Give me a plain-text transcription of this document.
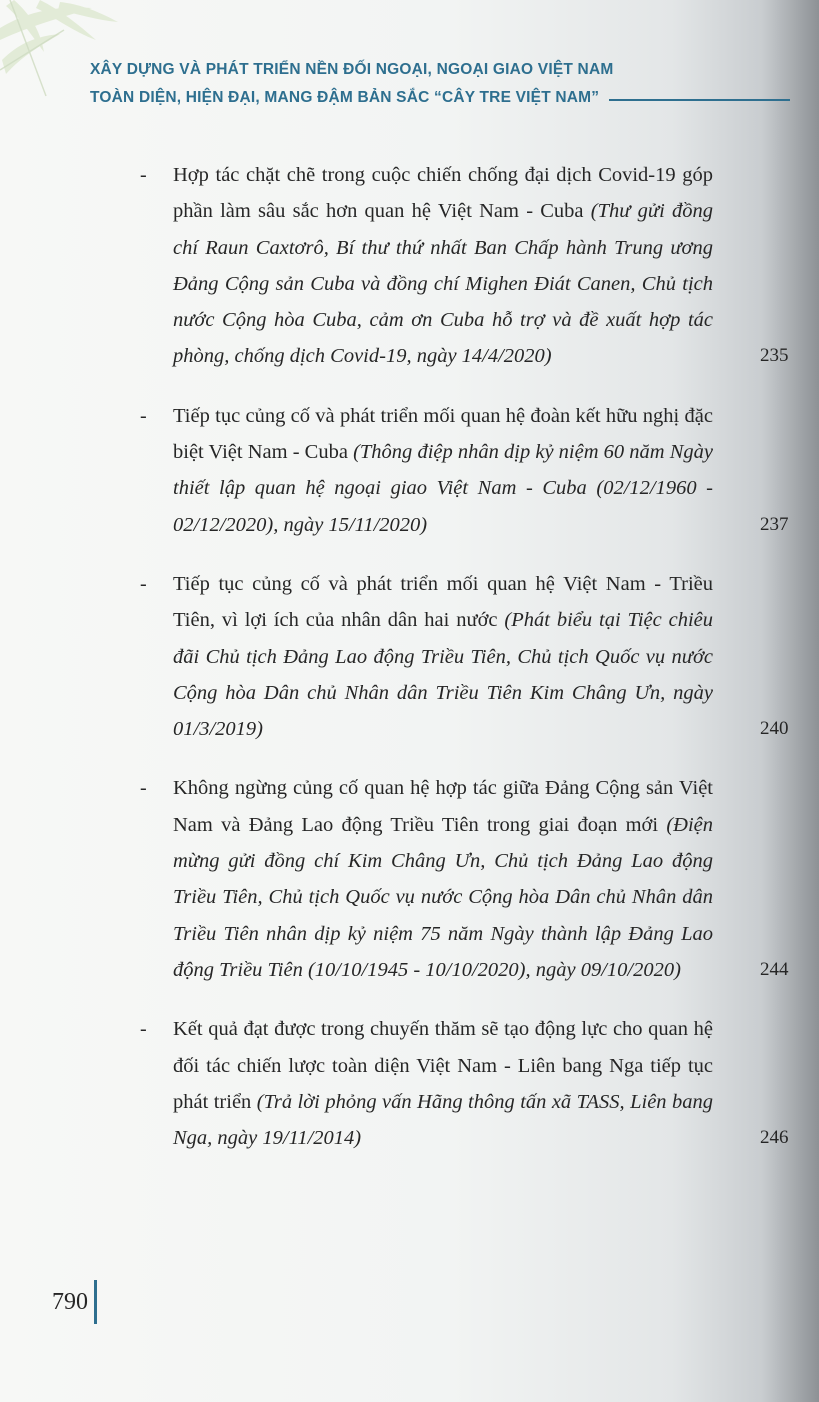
XÂY DỰNG VÀ PHÁT TRIỂN NỀN ĐỐI NGOẠI, NGOẠI GIAO VIỆT NAM
TOÀN DIỆN, HIỆN ĐẠI, MANG ĐẬM BẢN SẮC “CÂY TRE VIỆT NAM”
- Hợp tác chặt chẽ trong cuộc chiến chống đại dịch Covid-19 góp phần làm sâu sắc hơn quan hệ Việt Nam - Cuba (Thư gửi đồng chí Raun Caxtơrô, Bí thư thứ nhất Ban Chấp hành Trung ương Đảng Cộng sản Cuba và đồng chí Mighen Điát Canen, Chủ tịch nước Cộng hòa Cuba, cảm ơn Cuba hỗ trợ và đề xuất hợp tác phòng, chống dịch Covid-19, ngày 14/4/2020)	235
- Tiếp tục củng cố và phát triển mối quan hệ đoàn kết hữu nghị đặc biệt Việt Nam - Cuba (Thông điệp nhân dịp kỷ niệm 60 năm Ngày thiết lập quan hệ ngoại giao Việt Nam - Cuba (02/12/1960 - 02/12/2020), ngày 15/11/2020)	237
- Tiếp tục củng cố và phát triển mối quan hệ Việt Nam - Triều Tiên, vì lợi ích của nhân dân hai nước (Phát biểu tại Tiệc chiêu đãi Chủ tịch Đảng Lao động Triều Tiên, Chủ tịch Quốc vụ nước Cộng hòa Dân chủ Nhân dân Triều Tiên Kim Châng Ưn, ngày 01/3/2019)	240
- Không ngừng củng cố quan hệ hợp tác giữa Đảng Cộng sản Việt Nam và Đảng Lao động Triều Tiên trong giai đoạn mới (Điện mừng gửi đồng chí Kim Châng Ưn, Chủ tịch Đảng Lao động Triều Tiên, Chủ tịch Quốc vụ nước Cộng hòa Dân chủ Nhân dân Triều Tiên nhân dịp kỷ niệm 75 năm Ngày thành lập Đảng Lao động Triều Tiên (10/10/1945 - 10/10/2020), ngày 09/10/2020)	244
- Kết quả đạt được trong chuyến thăm sẽ tạo động lực cho quan hệ đối tác chiến lược toàn diện Việt Nam - Liên bang Nga tiếp tục phát triển (Trả lời phỏng vấn Hãng thông tấn xã TASS, Liên bang Nga, ngày 19/11/2014)	246
790
